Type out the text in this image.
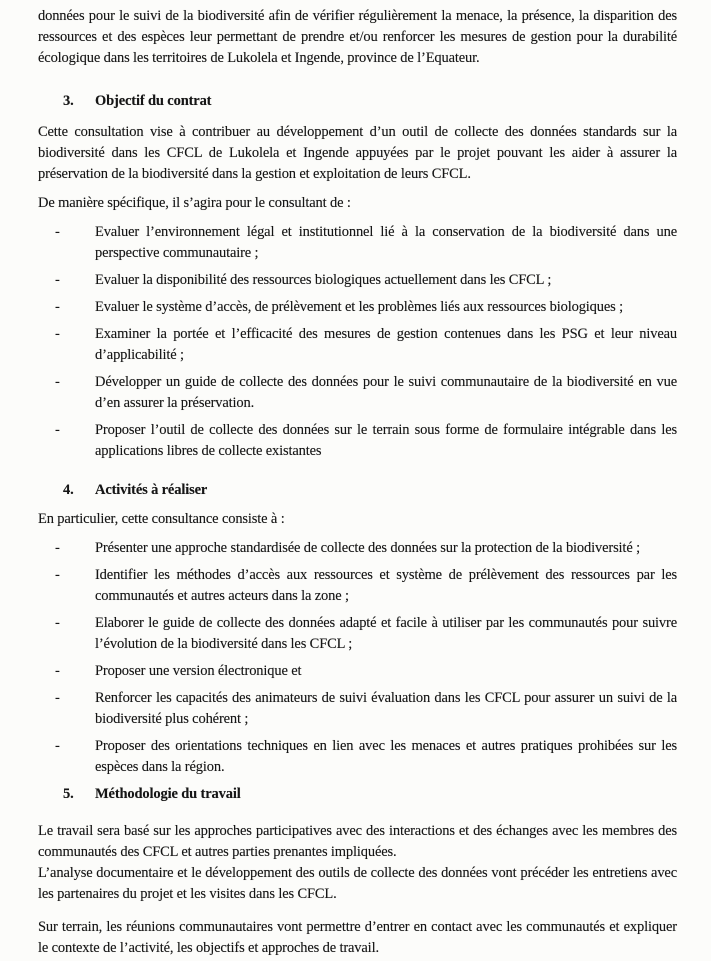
données pour le suivi de la biodiversité afin de vérifier régulièrement la menace, la présence, la disparition des ressources et des espèces leur permettant de prendre et/ou renforcer les mesures de gestion pour la durabilité écologique dans les territoires de Lukolela et Ingende, province de l’Equateur.

3.	Objectif du contrat

Cette consultation vise à contribuer au développement d’un outil de collecte des données standards sur la biodiversité dans les CFCL de Lukolela et Ingende appuyées par le projet pouvant les aider à assurer la préservation de la biodiversité dans la gestion et exploitation de leurs CFCL.

De manière spécifique, il s’agira pour le consultant de :

-	Evaluer l’environnement légal et institutionnel lié à la conservation de la biodiversité dans une perspective communautaire ;
-	Evaluer la disponibilité des ressources biologiques actuellement dans les CFCL ;
-	Evaluer le système d’accès, de prélèvement et les problèmes liés aux ressources biologiques ;
-	Examiner la portée et l’efficacité des mesures de gestion contenues dans les PSG et leur niveau d’applicabilité ;
-	Développer un guide de collecte des données pour le suivi communautaire de la biodiversité en vue d’en assurer la préservation.
-	Proposer l’outil de collecte des données sur le terrain sous forme de formulaire intégrable dans les applications libres de collecte existantes
4.	Activités à réaliser

En particulier, cette consultance consiste à :

-	Présenter une approche standardisée de collecte des données sur la protection de la biodiversité ;
-	Identifier les méthodes d’accès aux ressources et système de prélèvement des ressources par les communautés et autres acteurs dans la zone ;
-	Elaborer le guide de collecte des données adapté et facile à utiliser par les communautés pour suivre l’évolution de la biodiversité dans les CFCL ;
-	Proposer une version électronique et
-	Renforcer les capacités des animateurs de suivi évaluation dans les CFCL pour assurer un suivi de la biodiversité plus cohérent ;
-	Proposer des orientations techniques en lien avec les menaces et autres pratiques prohibées sur les espèces dans la région.
5.	Méthodologie du travail

Le travail sera basé sur les approches participatives avec des interactions et des échanges avec les membres des communautés des CFCL et autres parties prenantes impliquées.

L’analyse documentaire et le développement des outils de collecte des données vont précéder les entretiens avec les partenaires du projet et les visites dans les CFCL.

Sur terrain, les réunions communautaires vont permettre d’entrer en contact avec les communautés et expliquer le contexte de l’activité, les objectifs et approches de travail.
